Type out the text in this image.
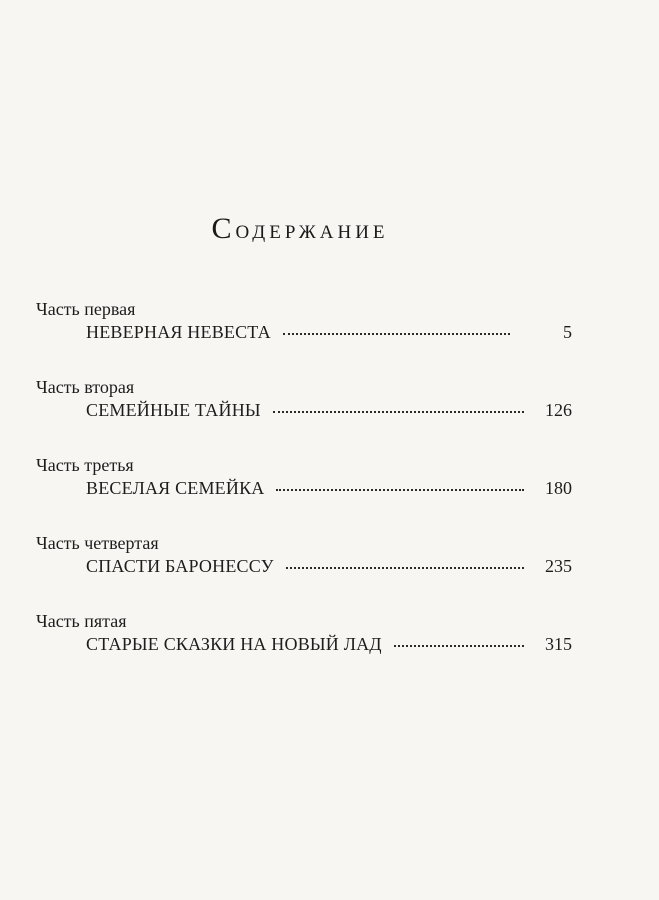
Содержание
Часть первая
НЕВЕРНАЯ НЕВЕСТА	5
Часть вторая
СЕМЕЙНЫЕ ТАЙНЫ	126
Часть третья
ВЕСЕЛАЯ СЕМЕЙКА	180
Часть четвертая
СПАСТИ БАРОНЕССУ	235
Часть пятая
СТАРЫЕ СКАЗКИ НА НОВЫЙ ЛАД	315
